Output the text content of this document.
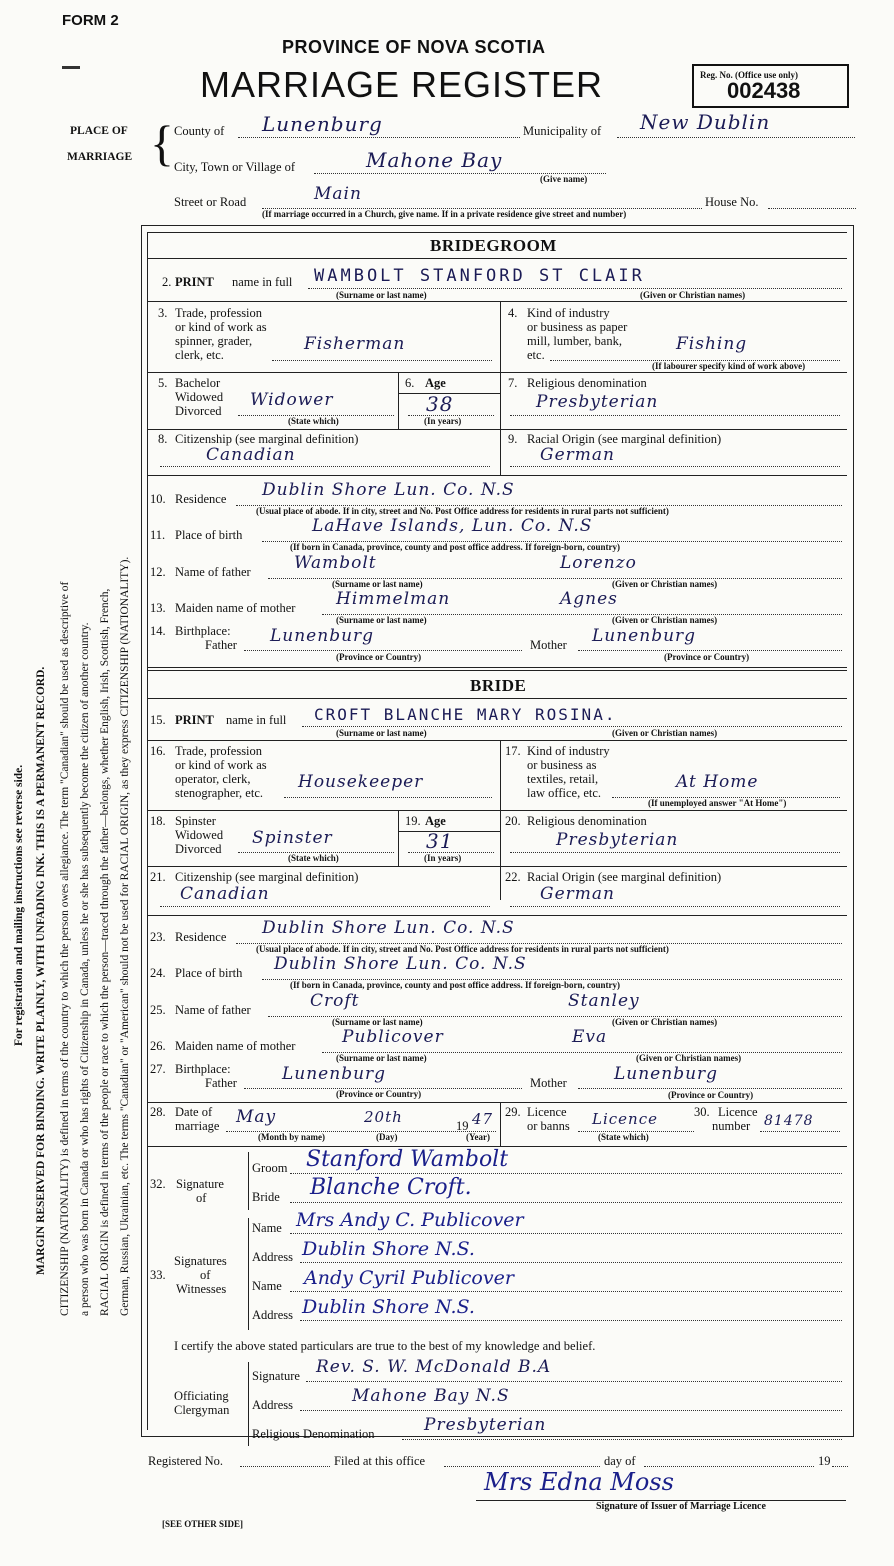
FORM 2
PROVINCE OF NOVA SCOTIA
MARRIAGE REGISTER	Reg. No. (Office use only)
002438
PLACE OF
MARRIAGE { County of Lunenburg	Municipality of New Dublin
City, Town or Village of	Mahone Bay
(Give name)
Street or Road	Main	House No.
(If marriage occurred in a Church, give name. If in a private residence give street and number)
For registration and mailing instructions see reverse side. MARGIN RESERVED FOR BINDING. WRITE PLAINLY, WITH UNFADING INK. THIS IS A PERMANENT RECORD. CITIZENSHIP (NATIONALITY) is defined in terms of the country to which the person owes allegiance. The term "Canadian" should be used as descriptive of a person who was born in Canada or who has rights of Citizenship in Canada, unless he or she has subsequently become the citizen of another country. RACIAL ORIGIN is defined in terms of the people or race to which the person—traced through the father—belongs, whether English, Irish, Scottish, French, German, Russian, Ukrainian, etc. The terms "Canadian" or "American" should not be used for RACIAL ORIGIN, as they express CITIZENSHIP (NATIONALITY).
BRIDEGROOM
2. PRINT name in full WAMBOLT STANFORD ST CLAIR
(Surname or last name)	(Given or Christian names)
3. Trade, profession
or kind of work as
spinner, grader,
clerk, etc.
Fisherman
4. Kind of industry
or business as paper
mill, lumber, bank,
etc.
Fishing
(If labourer specify kind of work above)
5. Bachelor
Widowed
Divorced
Widower
(State which)
6. Age
38
(In years)
7. Religious denomination
Presbyterian
8. Citizenship (see marginal definition)
Canadian
9. Racial Origin (see marginal definition)
German
10. Residence Dublin Shore Lun. Co. N.S
(Usual place of abode. If in city, street and No. Post Office address for residents in rural parts not sufficient)
11. Place of birth	LaHave Islands, Lun. Co. N.S
(If born in Canada, province, county and post office address. If foreign-born, country)
12. Name of father	Wambolt	Lorenzo
(Surname or last name)	(Given or Christian names)
13. Maiden name of mother Himmelman	Agnes
(Surname or last name)	(Given or Christian names)
14. Birthplace:
Father Lunenburg
(Province or Country)
Mother Lunenburg
(Province or Country)
BRIDE
15. PRINT name in full CROFT BLANCHE MARY ROSINA.
(Surname or last name)	(Given or Christian names)
16. Trade, profession
or kind of work as
operator, clerk,
stenographer, etc.
Housekeeper
17. Kind of industry
or business as
textiles, retail,
law office, etc.
At Home
(If unemployed answer "At Home")
18. Spinster
Widowed
Divorced
Spinster
(State which)
19. Age
31
(In years)
20. Religious denomination
Presbyterian
21. Citizenship (see marginal definition)
Canadian
22. Racial Origin (see marginal definition)
German
23. Residence Dublin Shore Lun. Co. N.S
(Usual place of abode. If in city, street and No. Post Office address for residents in rural parts not sufficient)
24. Place of birth Dublin Shore Lun. Co. N.S
(If born in Canada, province, county and post office address. If foreign-born, country)
25. Name of father	Croft	Stanley
(Surname or last name)	(Given or Christian names)
26. Maiden name of mother	Publicover	Eva
(Surname or last name)	(Given or Christian names)
27. Birthplace:
Father	Lunenburg
(Province or Country)
Mother	Lunenburg
(Province or Country)
28. Date of
marriage May	20th	19 47
(Month by name)	(Day)	(Year)
29. Licence
or banns Licence
(State which)
30. Licence
number 81478
32. Signature
of
Groom Stanford Wambolt
Bride Blanche Croft.
33.
Signatures
of
Witnesses
Name Mrs Andy C. Publicover
Address Dublin Shore N.S.
Name Andy Cyril Publicover
Address Dublin Shore N.S.
I certify the above stated particulars are true to the best of my knowledge and belief.
Officiating
Clergyman
Signature Rev. S. W. McDonald B.A
Address	Mahone Bay N.S
Religious Denomination	Presbyterian
Registered No.	Filed at this office	day of	19
Mrs Edna Moss
Signature of Issuer of Marriage Licence
[SEE OTHER SIDE]
